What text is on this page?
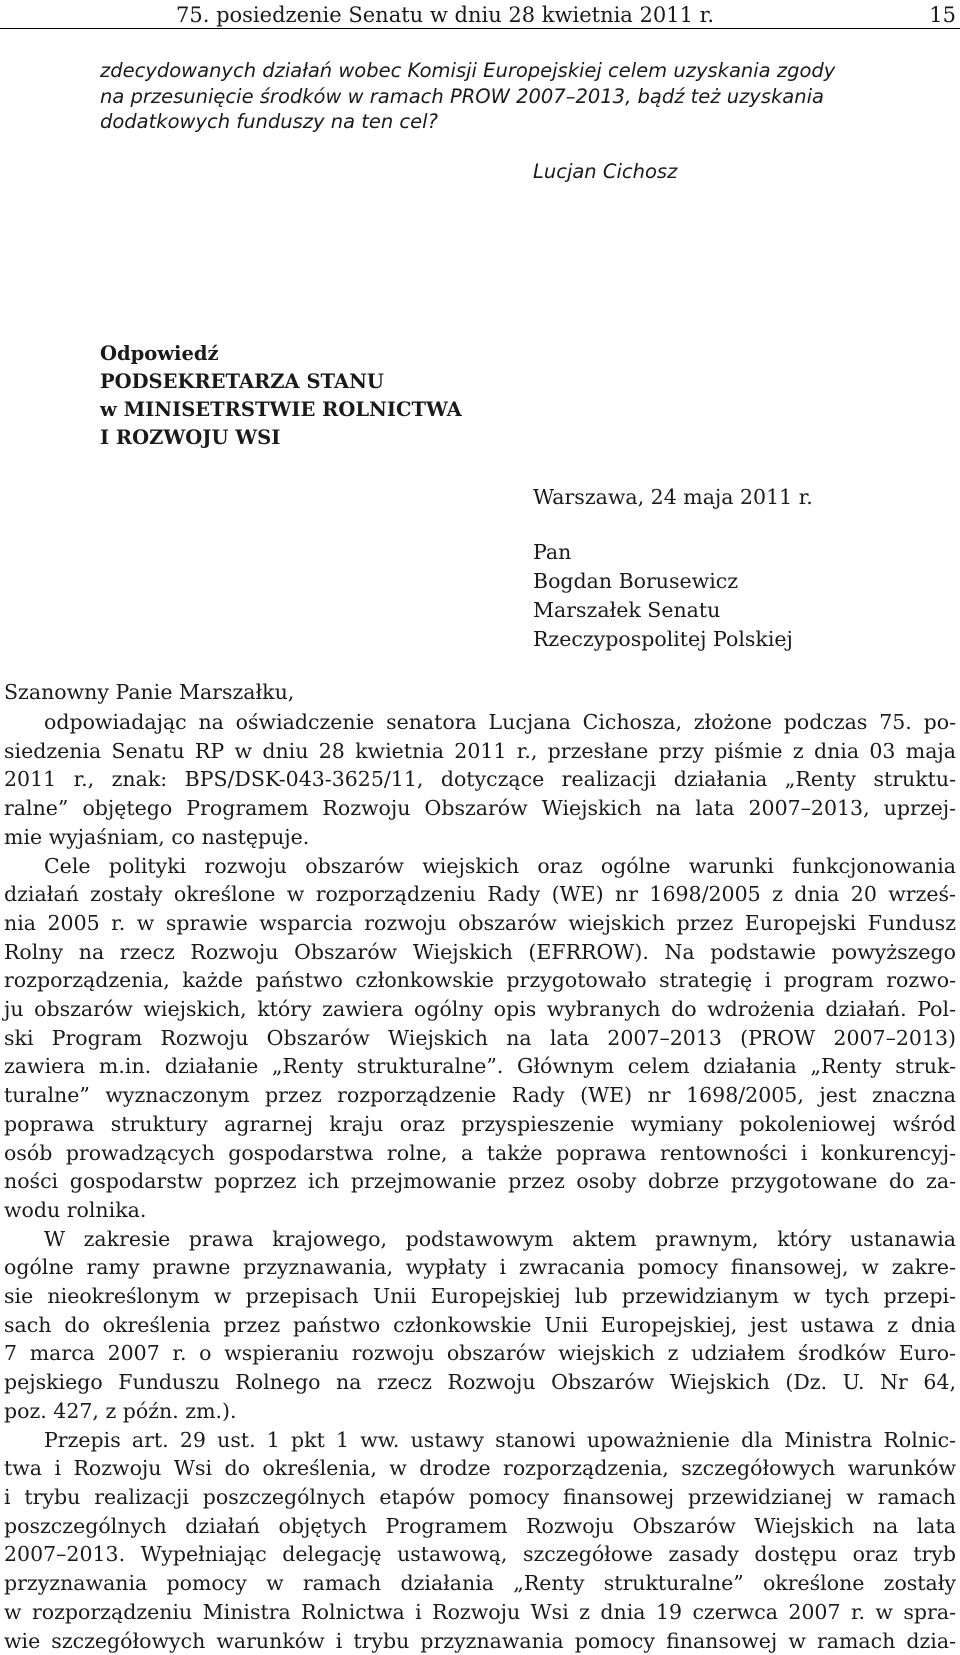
75. posiedzenie Senatu w dniu 28 kwietnia 2011 r.	15
zdecydowanych działań wobec Komisji Europejskiej celem uzyskania zgody
na przesunięcie środków w ramach PROW 2007–2013, bądź też uzyskania
dodatkowych funduszy na ten cel?
Lucjan Cichosz
Odpowiedź
PODSEKRETARZA STANU
w MINISETRSTWIE ROLNICTWA
I ROZWOJU WSI
Warszawa, 24 maja 2011 r.
Pan
Bogdan Borusewicz
Marszałek Senatu
Rzeczypospolitej Polskiej
Szanowny Panie Marszałku,
odpowiadając na oświadczenie senatora Lucjana Cichosza, złożone podczas 75. po-
siedzenia Senatu RP w dniu 28 kwietnia 2011 r., przesłane przy piśmie z dnia 03 maja
2011 r., znak: BPS/DSK-043-3625/11, dotyczące realizacji działania „Renty struktu-
ralne” objętego Programem Rozwoju Obszarów Wiejskich na lata 2007–2013, uprzej-
mie wyjaśniam, co następuje.
Cele polityki rozwoju obszarów wiejskich oraz ogólne warunki funkcjonowania
działań zostały określone w rozporządzeniu Rady (WE) nr 1698/2005 z dnia 20 wrześ-
nia 2005 r. w sprawie wsparcia rozwoju obszarów wiejskich przez Europejski Fundusz
Rolny na rzecz Rozwoju Obszarów Wiejskich (EFRROW). Na podstawie powyższego
rozporządzenia, każde państwo członkowskie przygotowało strategię i program rozwo-
ju obszarów wiejskich, który zawiera ogólny opis wybranych do wdrożenia działań. Pol-
ski Program Rozwoju Obszarów Wiejskich na lata 2007–2013 (PROW 2007–2013)
zawiera m.in. działanie „Renty strukturalne”. Głównym celem działania „Renty struk-
turalne” wyznaczonym przez rozporządzenie Rady (WE) nr 1698/2005, jest znaczna
poprawa struktury agrarnej kraju oraz przyspieszenie wymiany pokoleniowej wśród
osób prowadzących gospodarstwa rolne, a także poprawa rentowności i konkurencyj-
ności gospodarstw poprzez ich przejmowanie przez osoby dobrze przygotowane do za-
wodu rolnika.
W zakresie prawa krajowego, podstawowym aktem prawnym, który ustanawia
ogólne ramy prawne przyznawania, wypłaty i zwracania pomocy finansowej, w zakre-
sie nieokreślonym w przepisach Unii Europejskiej lub przewidzianym w tych przepi-
sach do określenia przez państwo członkowskie Unii Europejskiej, jest ustawa z dnia
7 marca 2007 r. o wspieraniu rozwoju obszarów wiejskich z udziałem środków Euro-
pejskiego Funduszu Rolnego na rzecz Rozwoju Obszarów Wiejskich (Dz. U. Nr 64,
poz. 427, z późn. zm.).
Przepis art. 29 ust. 1 pkt 1 ww. ustawy stanowi upoważnienie dla Ministra Rolnic-
twa i Rozwoju Wsi do określenia, w drodze rozporządzenia, szczegółowych warunków
i trybu realizacji poszczególnych etapów pomocy finansowej przewidzianej w ramach
poszczególnych działań objętych Programem Rozwoju Obszarów Wiejskich na lata
2007–2013. Wypełniając delegację ustawową, szczegółowe zasady dostępu oraz tryb
przyznawania pomocy w ramach działania „Renty strukturalne” określone zostały
w rozporządzeniu Ministra Rolnictwa i Rozwoju Wsi z dnia 19 czerwca 2007 r. w spra-
wie szczegółowych warunków i trybu przyznawania pomocy finansowej w ramach dzia-
